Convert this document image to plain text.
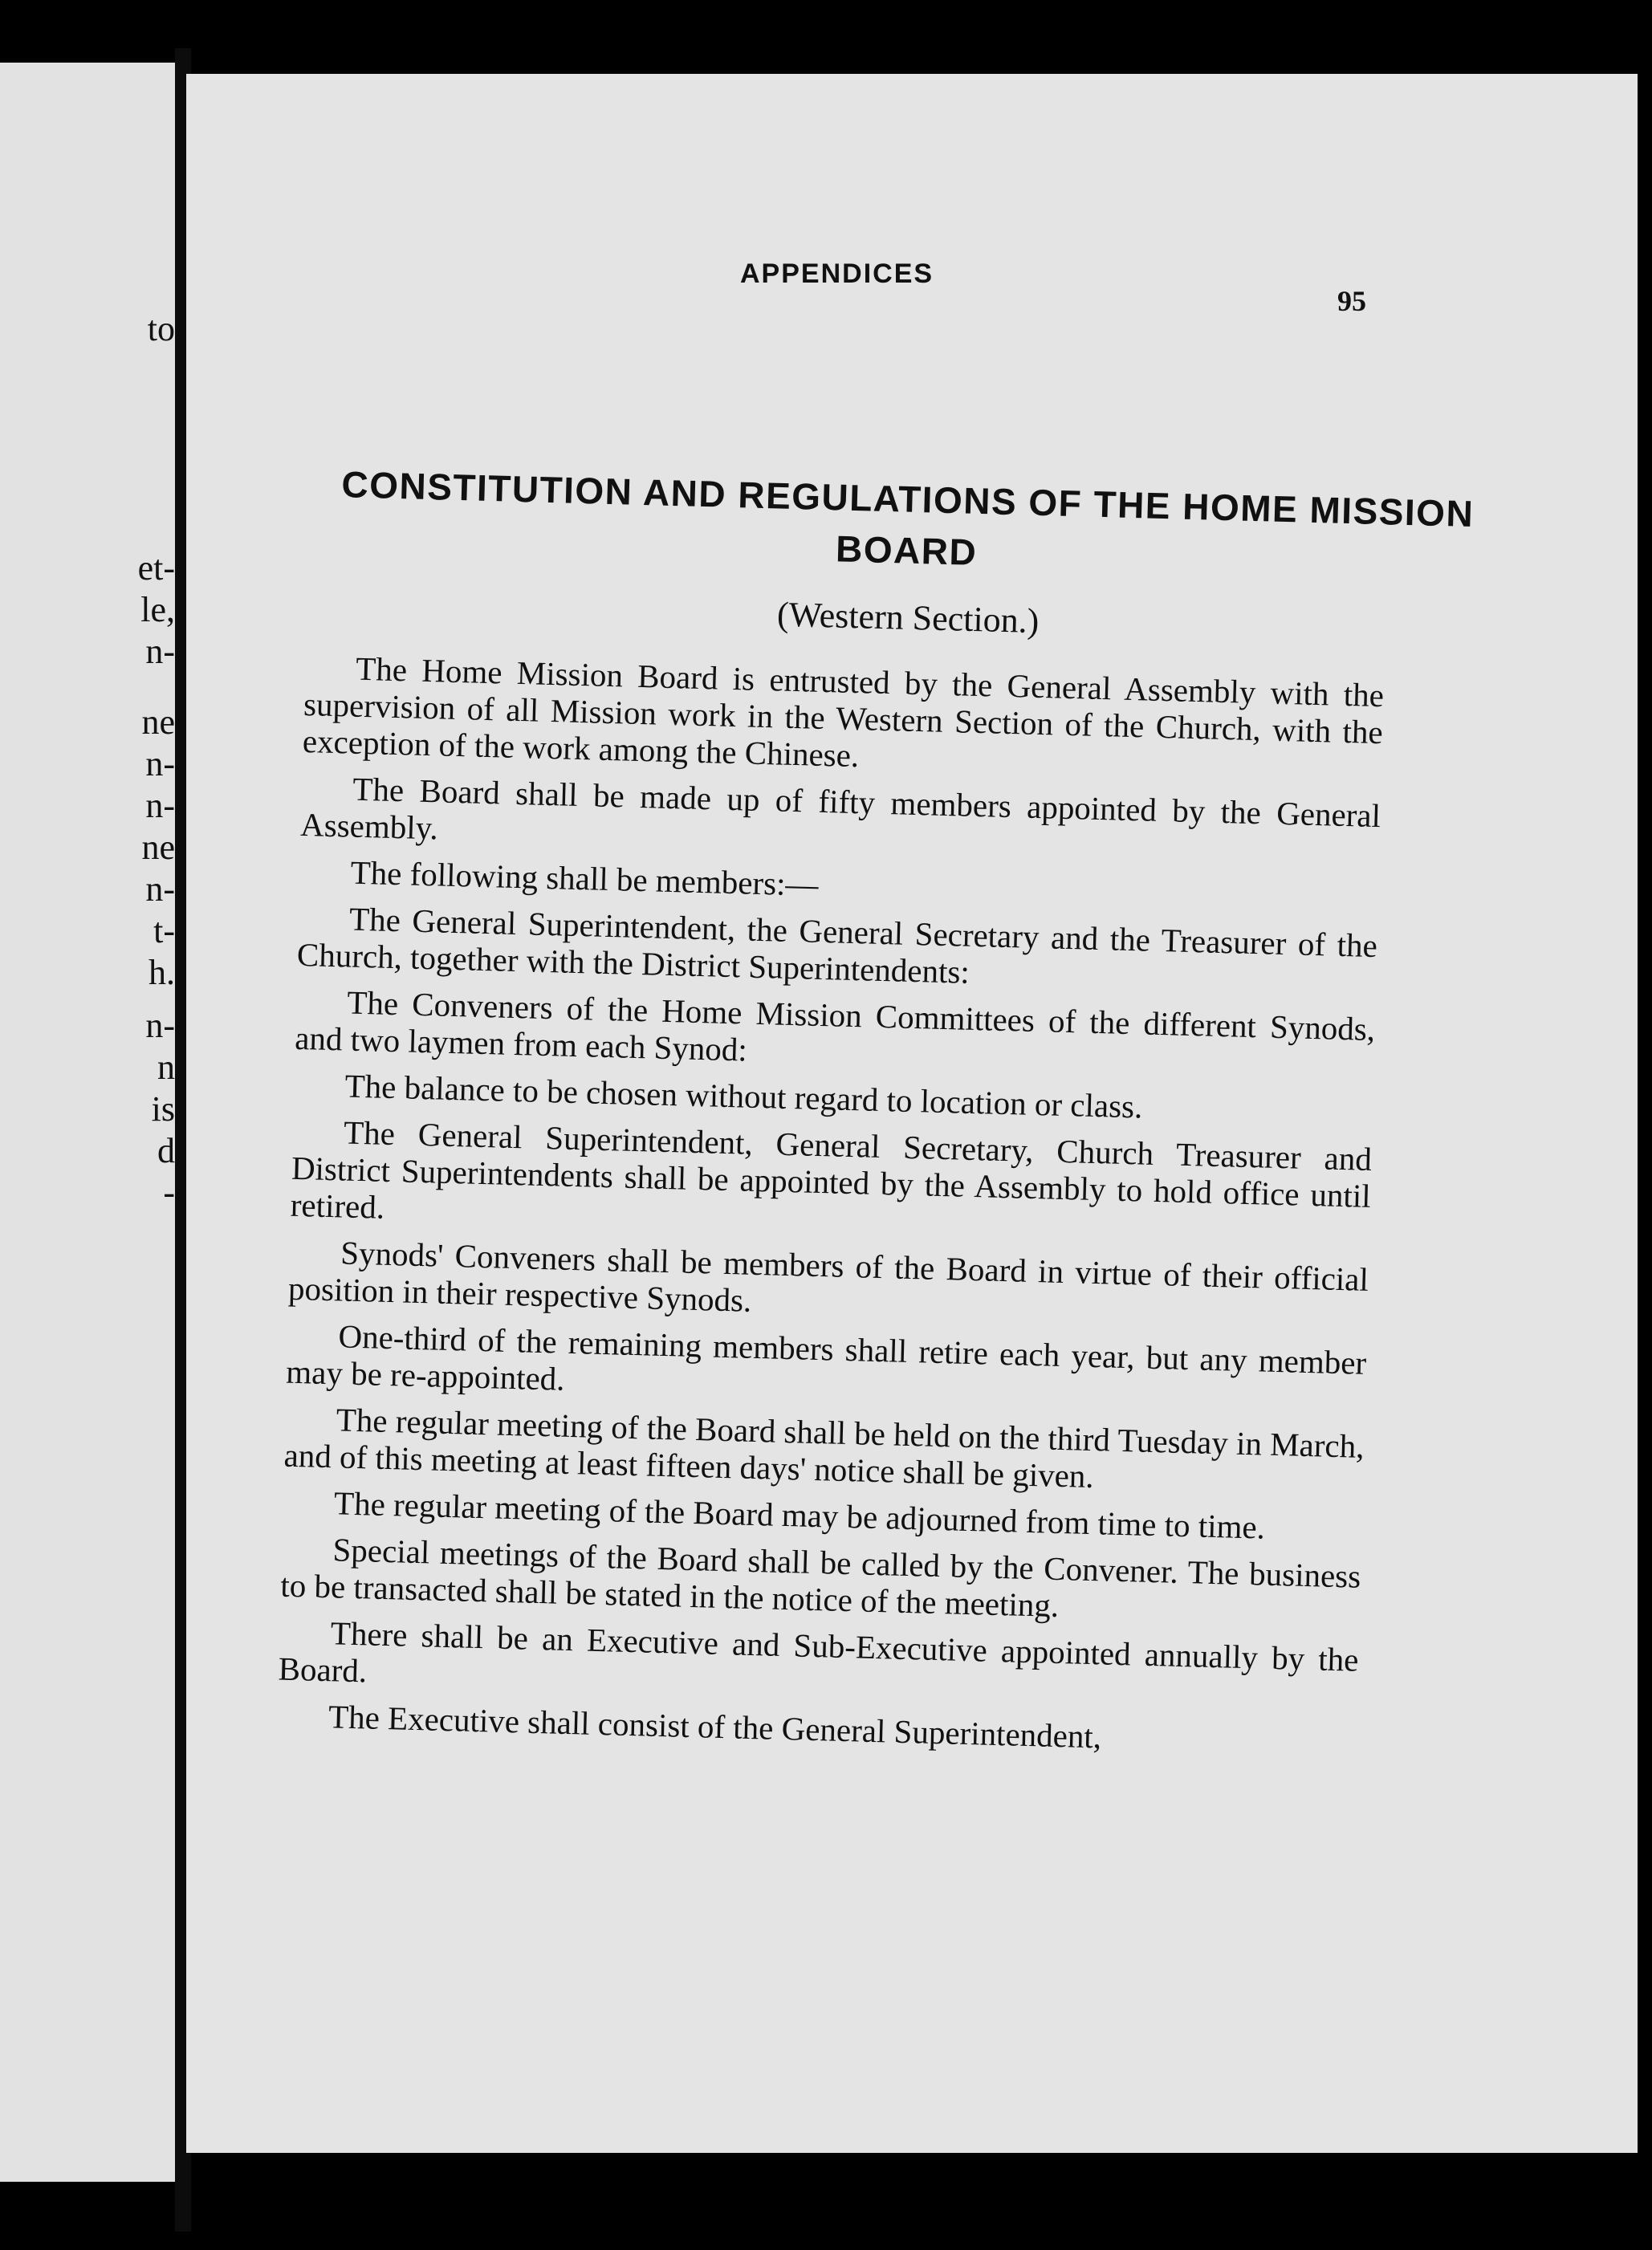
to
et-
le,
n-
ne
n-
n-
ne
n-
t-
h.
n-
n
is
d
-
APPENDICES
95
CONSTITUTION AND REGULATIONS OF THE HOME MISSION BOARD
(Western Section.)

The Home Mission Board is entrusted by the General Assembly with the supervision of all Mission work in the Western Section of the Church, with the exception of the work among the Chinese.

The Board shall be made up of fifty members appointed by the General Assembly.

The following shall be members:—

The General Superintendent, the General Secretary and the Treasurer of the Church, together with the District Superintendents:

The Conveners of the Home Mission Committees of the different Synods, and two laymen from each Synod:

The balance to be chosen without regard to location or class.

The General Superintendent, General Secretary, Church Treasurer and District Superintendents shall be appointed by the Assembly to hold office until retired.

Synods' Conveners shall be members of the Board in virtue of their official position in their respective Synods.

One-third of the remaining members shall retire each year, but any member may be re-appointed.

The regular meeting of the Board shall be held on the third Tuesday in March, and of this meeting at least fifteen days' notice shall be given.

The regular meeting of the Board may be adjourned from time to time.

Special meetings of the Board shall be called by the Convener. The business to be transacted shall be stated in the notice of the meeting.

There shall be an Executive and Sub-Executive appointed annually by the Board.

The Executive shall consist of the General Superintendent,
